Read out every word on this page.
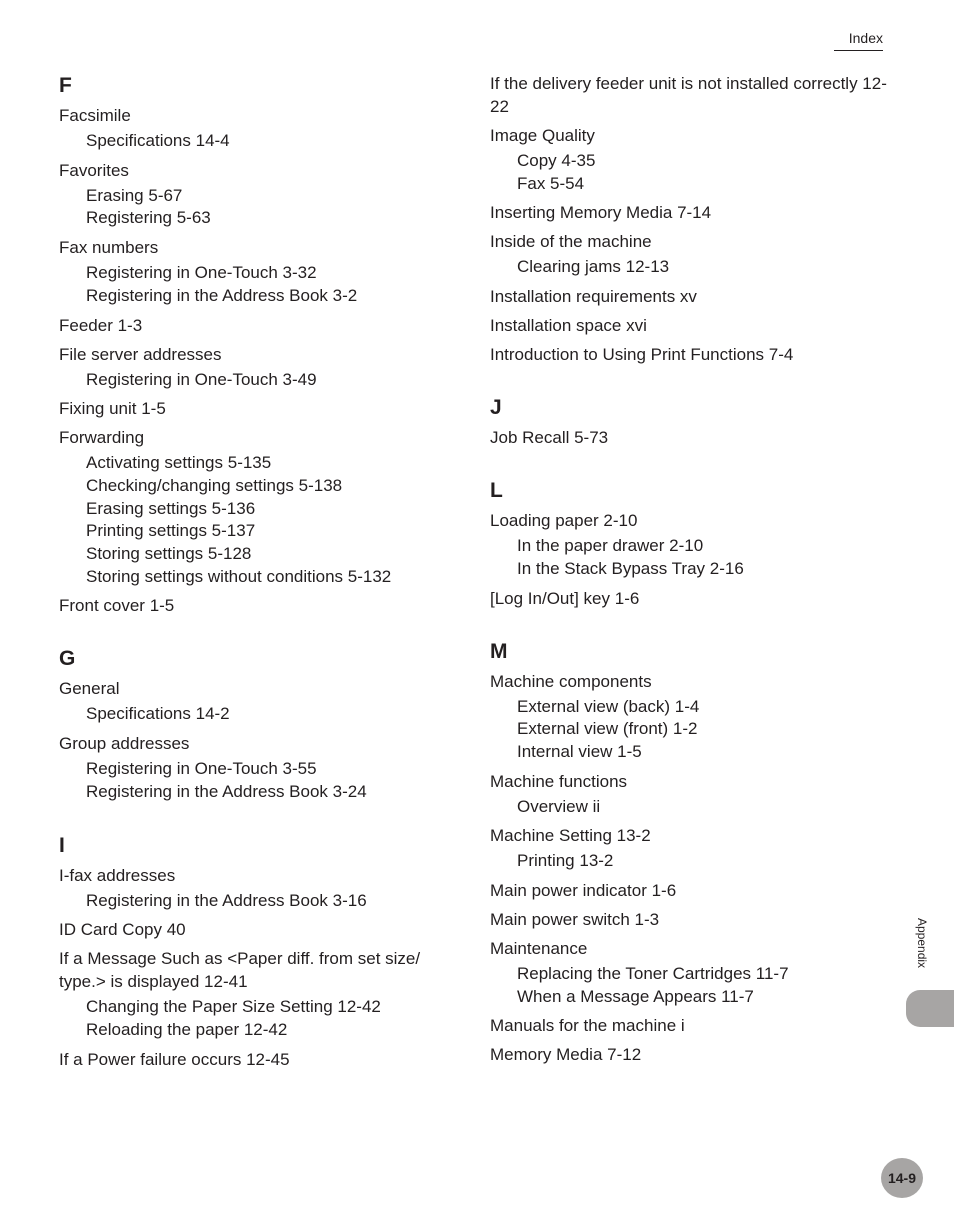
Index
F
Facsimile
Specifications 14-4
Favorites
Erasing 5-67
Registering 5-63
Fax numbers
Registering in One-Touch 3-32
Registering in the Address Book 3-2
Feeder 1-3
File server addresses
Registering in One-Touch 3-49
Fixing unit 1-5
Forwarding
Activating settings 5-135
Checking/changing settings 5-138
Erasing settings 5-136
Printing settings 5-137
Storing settings 5-128
Storing settings without conditions 5-132
Front cover 1-5
G
General
Specifications 14-2
Group addresses
Registering in One-Touch 3-55
Registering in the Address Book 3-24
I
I-fax addresses
Registering in the Address Book 3-16
ID Card Copy 40
If a Message Such as <Paper diff. from set size/ type.> is displayed 12-41
Changing the Paper Size Setting 12-42
Reloading the paper 12-42
If a Power failure occurs 12-45
If the delivery feeder unit is not installed correctly 12-22
Image Quality
Copy 4-35
Fax 5-54
Inserting Memory Media 7-14
Inside of the machine
Clearing jams 12-13
Installation requirements xv
Installation space xvi
Introduction to Using Print Functions 7-4
J
Job Recall 5-73
L
Loading paper 2-10
In the paper drawer 2-10
In the Stack Bypass Tray 2-16
[Log In/Out] key 1-6
M
Machine components
External view (back) 1-4
External view (front) 1-2
Internal view 1-5
Machine functions
Overview ii
Machine Setting 13-2
Printing 13-2
Main power indicator 1-6
Main power switch 1-3
Maintenance
Replacing the Toner Cartridges 11-7
When a Message Appears 11-7
Manuals for the machine i
Memory Media 7-12
Appendix
14-9
